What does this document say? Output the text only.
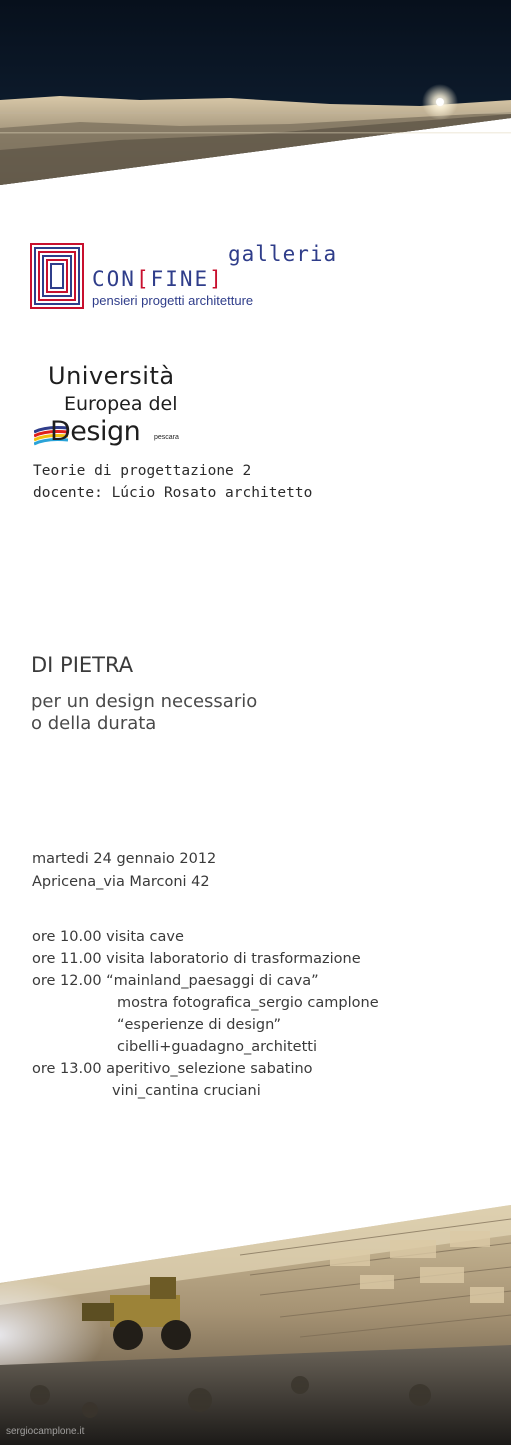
galleria
CON[FINE]
pensieri progetti architetture
Università
Europea del
Design pescara
Teorie di progettazione 2
docente: Lúcio Rosato architetto
DI PIETRA
per un design necessario
o della durata
martedi 24 gennaio 2012
Apricena_via Marconi 42
ore 10.00 visita cave
ore 11.00 visita laboratorio di trasformazione
ore 12.00 “mainland_paesaggi di cava”
mostra fotografica_sergio camplone
“esperienze di design”
cibelli+guadagno_architetti
ore 13.00 aperitivo_selezione sabatino
vini_cantina cruciani
sergiocamplone.it
